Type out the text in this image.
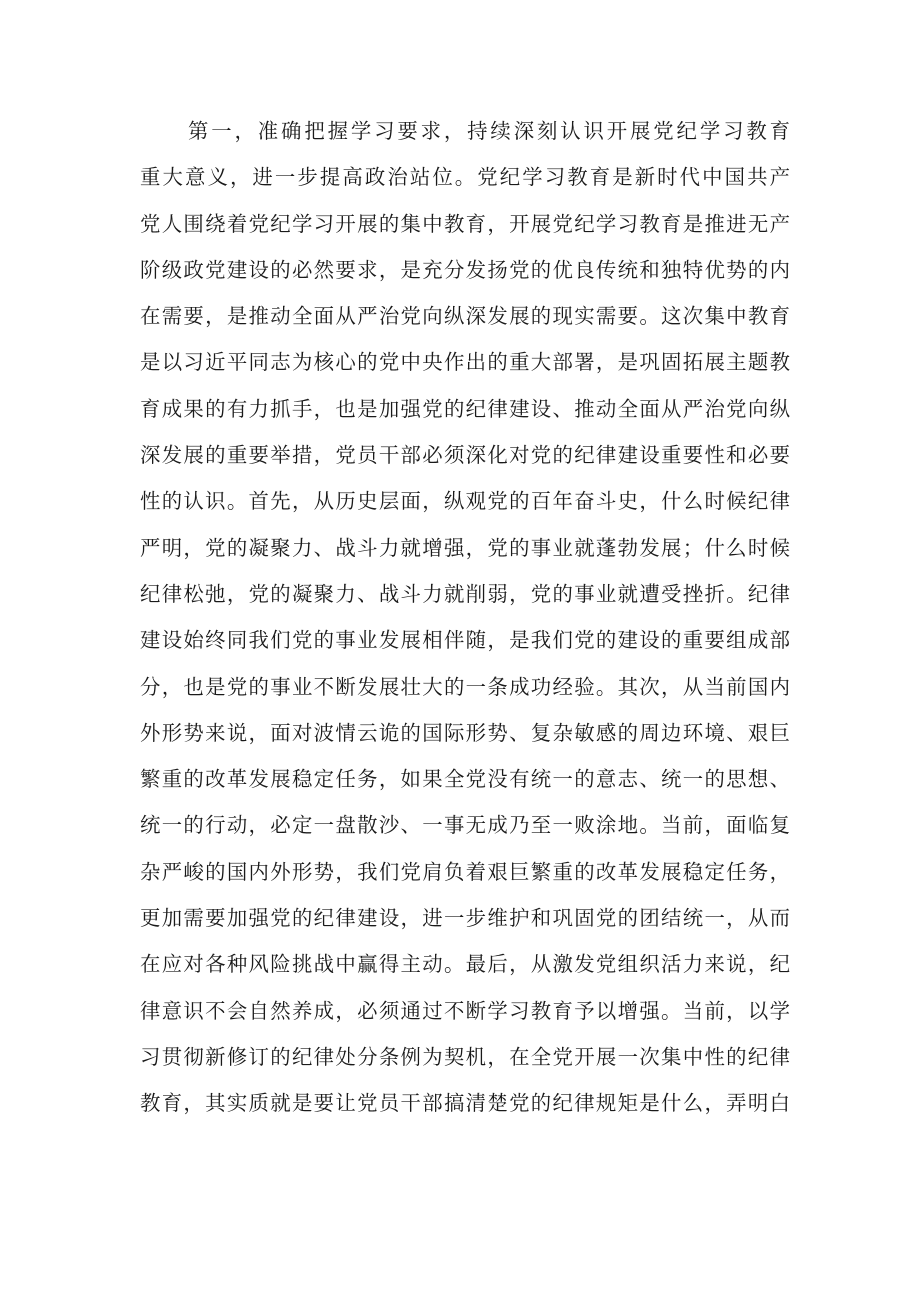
第一，准确把握学习要求，持续深刻认识开展党纪学习教育
重大意义，进一步提高政治站位。党纪学习教育是新时代中国共产
党人围绕着党纪学习开展的集中教育，开展党纪学习教育是推进无产
阶级政党建设的必然要求，是充分发扬党的优良传统和独特优势的内
在需要，是推动全面从严治党向纵深发展的现实需要。这次集中教育
是以习近平同志为核心的党中央作出的重大部署，是巩固拓展主题教
育成果的有力抓手，也是加强党的纪律建设、推动全面从严治党向纵
深发展的重要举措，党员干部必须深化对党的纪律建设重要性和必要
性的认识。首先，从历史层面，纵观党的百年奋斗史，什么时候纪律
严明，党的凝聚力、战斗力就增强，党的事业就蓬勃发展；什么时候
纪律松弛，党的凝聚力、战斗力就削弱，党的事业就遭受挫折。纪律
建设始终同我们党的事业发展相伴随，是我们党的建设的重要组成部
分，也是党的事业不断发展壮大的一条成功经验。其次，从当前国内
外形势来说，面对波情云诡的国际形势、复杂敏感的周边环境、艰巨
繁重的改革发展稳定任务，如果全党没有统一的意志、统一的思想、
统一的行动，必定一盘散沙、一事无成乃至一败涂地。当前，面临复
杂严峻的国内外形势，我们党肩负着艰巨繁重的改革发展稳定任务，
更加需要加强党的纪律建设，进一步维护和巩固党的团结统一，从而
在应对各种风险挑战中赢得主动。最后，从激发党组织活力来说，纪
律意识不会自然养成，必须通过不断学习教育予以增强。当前，以学
习贯彻新修订的纪律处分条例为契机，在全党开展一次集中性的纪律
教育，其实质就是要让党员干部搞清楚党的纪律规矩是什么，弄明白
